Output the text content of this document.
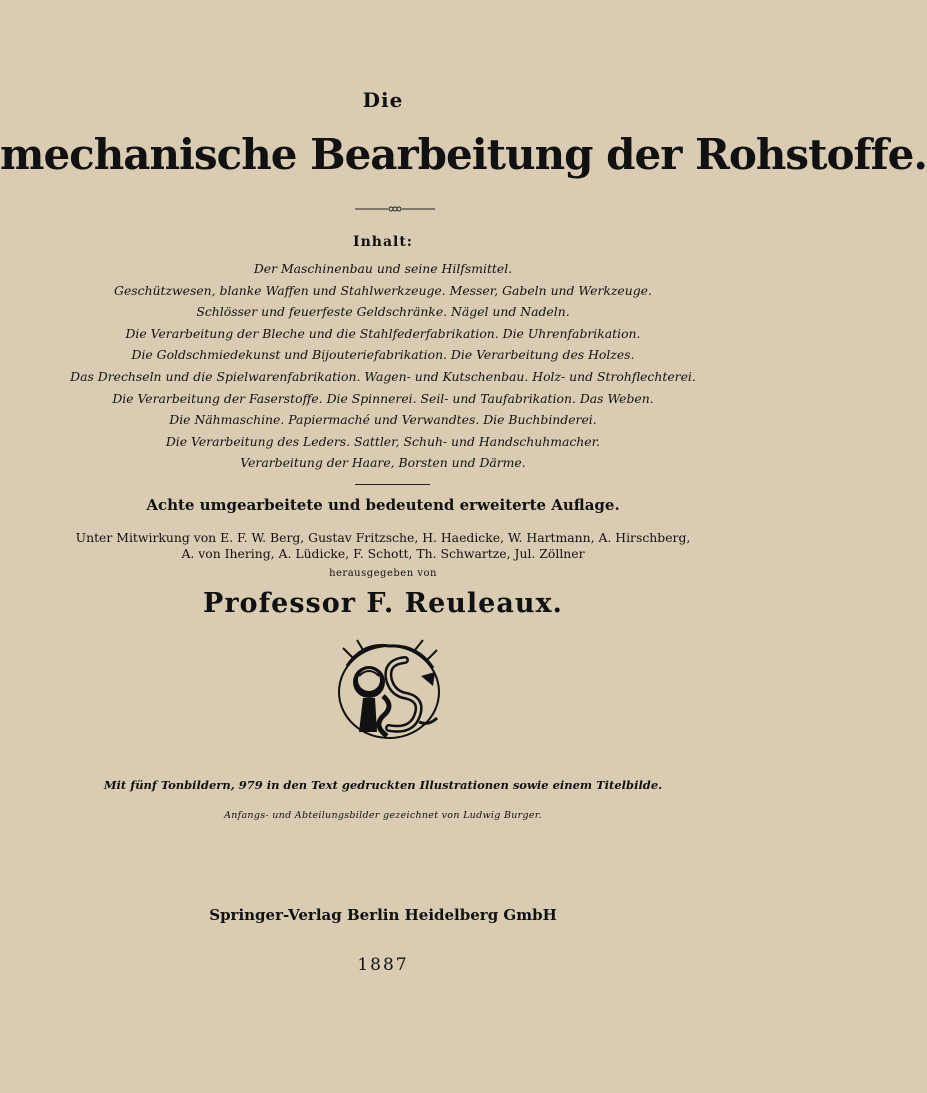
Die
mechanische Bearbeitung der Rohstoffe.
Inhalt:
Der Maschinenbau und seine Hilfsmittel.
Geschützwesen, blanke Waffen und Stahlwerkzeuge. Messer, Gabeln und Werkzeuge.
Schlösser und feuerfeste Geldschränke. Nägel und Nadeln.
Die Verarbeitung der Bleche und die Stahlfederfabrikation. Die Uhrenfabrikation.
Die Goldschmiedekunst und Bijouteriefabrikation. Die Verarbeitung des Holzes.
Das Drechseln und die Spielwarenfabrikation. Wagen- und Kutschenbau. Holz- und Strohflechterei.
Die Verarbeitung der Faserstoffe. Die Spinnerei. Seil- und Taufabrikation. Das Weben.
Die Nähmaschine. Papiermaché und Verwandtes. Die Buchbinderei.
Die Verarbeitung des Leders. Sattler, Schuh- und Handschuhmacher.
Verarbeitung der Haare, Borsten und Därme.
Achte umgearbeitete und bedeutend erweiterte Auflage.
Unter Mitwirkung von E. F. W. Berg, Gustav Fritzsche, H. Haedicke, W. Hartmann, A. Hirschberg,
A. von Ihering, A. Lüdicke, F. Schott, Th. Schwartze, Jul. Zöllner
herausgegeben von
Professor F. Reuleaux.
Mit fünf Tonbildern, 979 in den Text gedruckten Illustrationen sowie einem Titelbilde.
Anfangs- und Abteilungsbilder gezeichnet von Ludwig Burger.
Springer-Verlag Berlin Heidelberg GmbH
1887
